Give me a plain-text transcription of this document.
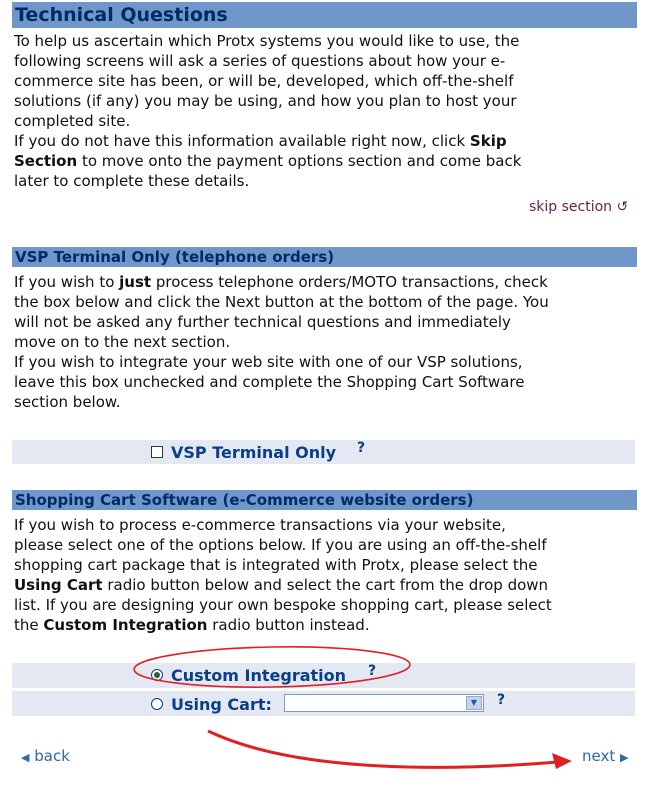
Technical Questions

To help us ascertain which Protx systems you would like to use, the

following screens will ask a series of questions about how your e-

commerce site has been, or will be, developed, which off-the-shelf

solutions (if any) you may be using, and how you plan to host your

completed site.

If you do not have this information available right now, click Skip

Section to move onto the payment options section and come back

later to complete these details.

skip section ↺
VSP Terminal Only (telephone orders)

If you wish to just process telephone orders/MOTO transactions, check

the box below and click the Next button at the bottom of the page. You

will not be asked any further technical questions and immediately

move on to the next section.

If you wish to integrate your web site with one of our VSP solutions,

leave this box unchecked and complete the Shopping Cart Software

section below.

VSP Terminal Only ?
Shopping Cart Software (e-Commerce website orders)

If you wish to process e-commerce transactions via your website,

please select one of the options below. If you are using an off-the-shelf

shopping cart package that is integrated with Protx, please select the

Using Cart radio button below and select the cart from the drop down

list. If you are designing your own bespoke shopping cart, please select

the Custom Integration radio button instead.

Custom Integration ?
Using Cart:	▼	?
◀ back	next ▶
